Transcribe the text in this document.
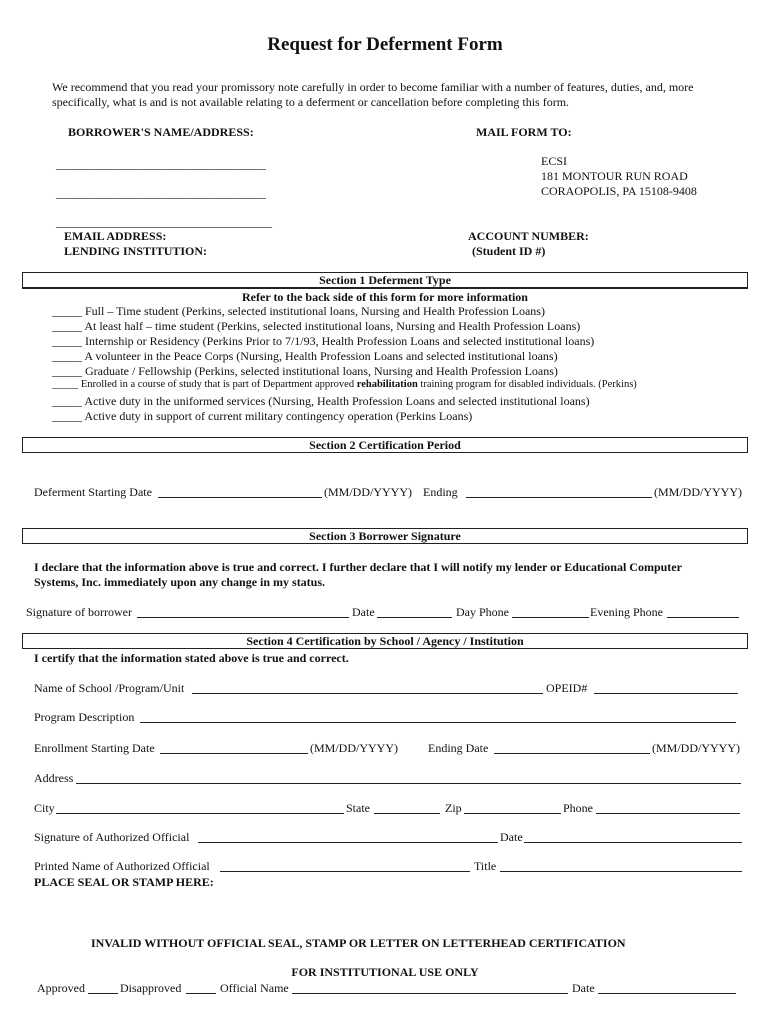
Request for Deferment Form
We recommend that you read your promissory note carefully in order to become familiar with a number of features, duties, and, more
specifically, what is and is not available relating to a deferment or cancellation before completing this form.
BORROWER'S NAME/ADDRESS:	MAIL FORM TO:
___________________________________
___________________________________
____________________________________
ECSI
181 MONTOUR RUN ROAD
CORAOPOLIS, PA 15108-9408
EMAIL ADDRESS:
LENDING INSTITUTION:
ACCOUNT NUMBER:
(Student ID #)
Section 1 Deferment Type
Refer to the back side of this form for more information
_____ Full – Time student (Perkins, selected institutional loans, Nursing and Health Profession Loans)
_____ At least half – time student (Perkins, selected institutional loans, Nursing and Health Profession Loans)
_____ Internship or Residency (Perkins Prior to 7/1/93, Health Profession Loans and selected institutional loans)
_____ A volunteer in the Peace Corps (Nursing, Health Profession Loans and selected institutional loans)
_____ Graduate / Fellowship (Perkins, selected institutional loans, Nursing and Health Profession Loans)
_____ Enrolled in a course of study that is part of Department approved rehabilitation training program for disabled individuals. (Perkins)
_____ Active duty in the uniformed services (Nursing, Health Profession Loans and selected institutional loans)
_____ Active duty in support of current military contingency operation (Perkins Loans)
Section 2 Certification Period
Deferment Starting Date	(MM/DD/YYYY) Ending	(MM/DD/YYYY)
Section 3 Borrower Signature
I declare that the information above is true and correct. I further declare that I will notify my lender or Educational Computer
Systems, Inc. immediately upon any change in my status.
Signature of borrower	Date	Day Phone	Evening Phone
Section 4 Certification by School / Agency / Institution
I certify that the information stated above is true and correct.
Name of School /Program/Unit	OPEID#
Program Description
Enrollment Starting Date	(MM/DD/YYYY)	Ending Date	(MM/DD/YYYY)
Address
City	State	Zip	Phone
Signature of Authorized Official	Date
Printed Name of Authorized Official	Title
PLACE SEAL OR STAMP HERE:
INVALID WITHOUT OFFICIAL SEAL, STAMP OR LETTER ON LETTERHEAD CERTIFICATION
FOR INSTITUTIONAL USE ONLY
Approved	Disapproved	Official Name	Date
